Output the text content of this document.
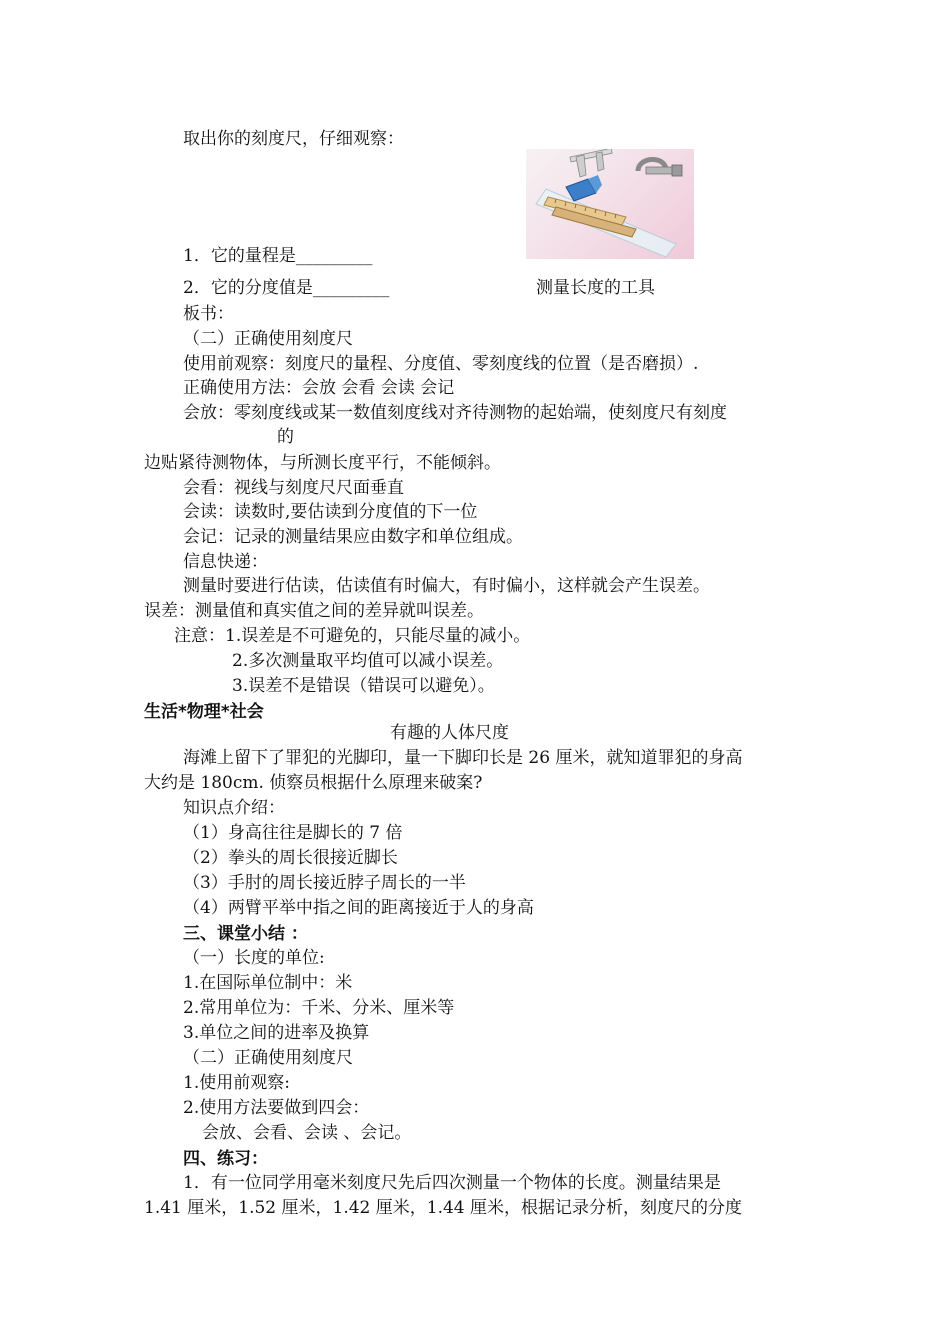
取出你的刻度尺，仔细观察：
1．它的量程是_________
2．它的分度值是_________	测量长度的工具
板书：
（二）正确使用刻度尺
使用前观察：刻度尺的量程、分度值、零刻度线的位置（是否磨损）.
正确使用方法：会放 会看 会读 会记
会放：零刻度线或某一数值刻度线对齐待测物的起始端，使刻度尺有刻度
的
边贴紧待测物体，与所测长度平行，不能倾斜。
会看：视线与刻度尺尺面垂直
会读：读数时,要估读到分度值的下一位
会记：记录的测量结果应由数字和单位组成。
信息快递：
测量时要进行估读，估读值有时偏大，有时偏小，这样就会产生误差。
误差：测量值和真实值之间的差异就叫误差。
注意：1.误差是不可避免的，只能尽量的减小。
2.多次测量取平均值可以减小误差。
3.误差不是错误（错误可以避免）。
生活*物理*社会
有趣的人体尺度
海滩上留下了罪犯的光脚印，量一下脚印长是 26 厘米，就知道罪犯的身高
大约是 180cm. 侦察员根据什么原理来破案?
知识点介绍：
（1）身高往往是脚长的 7 倍
（2）拳头的周长很接近脚长
（3）手肘的周长接近脖子周长的一半
（4）两臂平举中指之间的距离接近于人的身高
三、课堂小结 ：
（一）长度的单位:
1.在国际单位制中：米
2.常用单位为：千米、分米、厘米等
3.单位之间的进率及换算
（二）正确使用刻度尺
1.使用前观察:
2.使用方法要做到四会：
会放、会看、会读 、会记。
四、练习：
1．有一位同学用毫米刻度尺先后四次测量一个物体的长度。测量结果是
1.41 厘米，1.52 厘米，1.42 厘米，1.44 厘米，根据记录分析，刻度尺的分度
